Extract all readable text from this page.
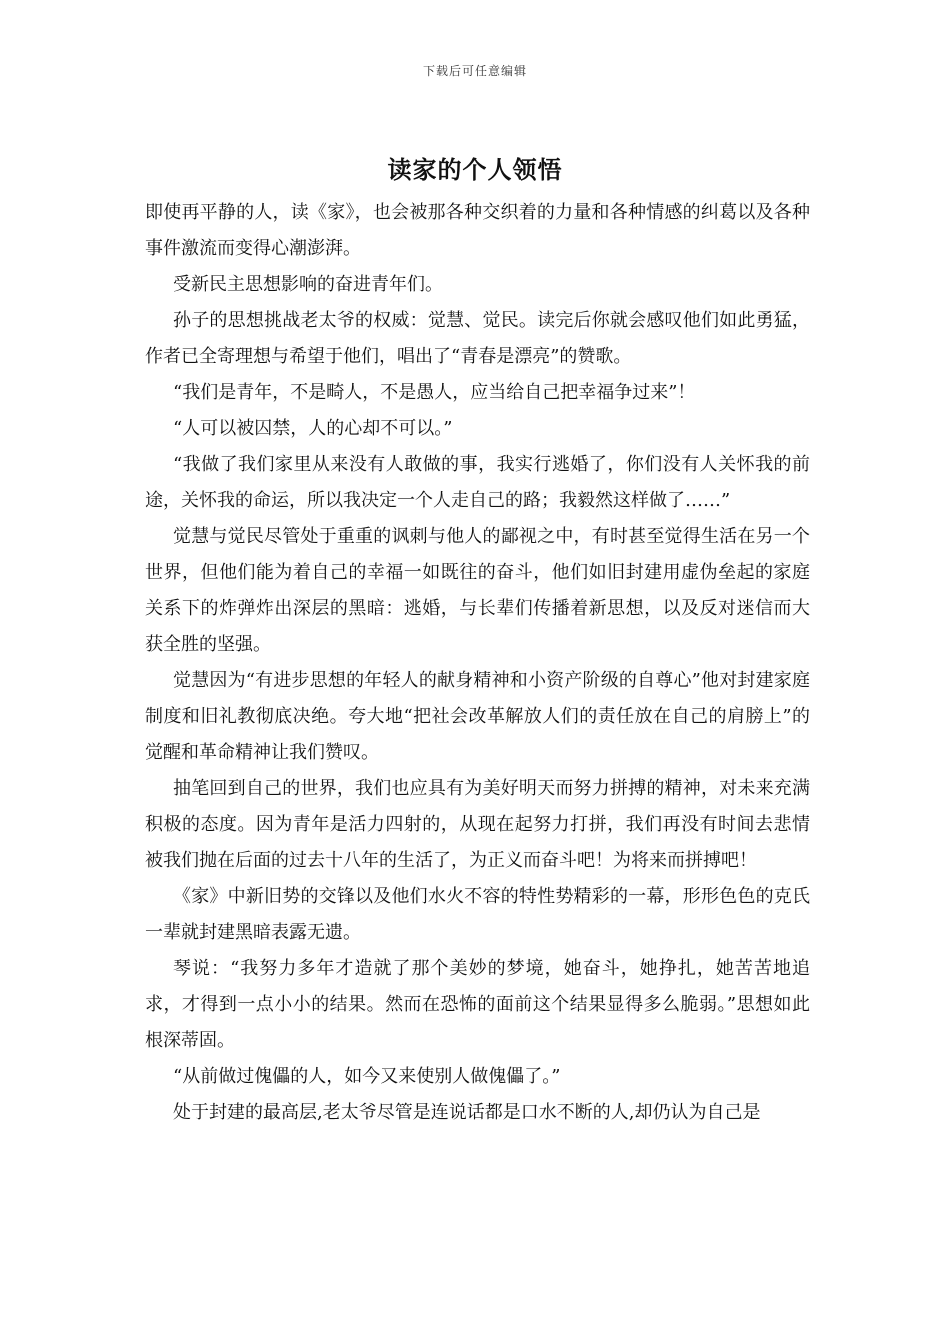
下载后可任意编辑
读家的个人领悟

即使再平静的人，读《家》，也会被那各种交织着的力量和各种情感的纠葛以及各种事件激流而变得心潮澎湃。

受新民主思想影响的奋进青年们。

孙子的思想挑战老太爷的权威：觉慧、觉民。读完后你就会感叹他们如此勇猛，作者已全寄理想与希望于他们，唱出了“青春是漂亮”的赞歌。

“我们是青年，不是畸人，不是愚人，应当给自己把幸福争过来”！

“人可以被囚禁，人的心却不可以。”

“我做了我们家里从来没有人敢做的事，我实行逃婚了，你们没有人关怀我的前途，关怀我的命运，所以我决定一个人走自己的路；我毅然这样做了……”

觉慧与觉民尽管处于重重的讽刺与他人的鄙视之中，有时甚至觉得生活在另一个世界，但他们能为着自己的幸福一如既往的奋斗，他们如旧封建用虚伪垒起的家庭关系下的炸弹炸出深层的黑暗：逃婚，与长辈们传播着新思想，以及反对迷信而大获全胜的坚强。

觉慧因为“有进步思想的年轻人的献身精神和小资产阶级的自尊心”他对封建家庭制度和旧礼教彻底决绝。夸大地“把社会改革解放人们的责任放在自己的肩膀上”的觉醒和革命精神让我们赞叹。

抽笔回到自己的世界，我们也应具有为美好明天而努力拼搏的精神，对未来充满积极的态度。因为青年是活力四射的，从现在起努力打拼，我们再没有时间去悲情被我们抛在后面的过去十八年的生活了，为正义而奋斗吧！为将来而拼搏吧！

《家》中新旧势的交锋以及他们水火不容的特性势精彩的一幕，形形色色的克氏一辈就封建黑暗表露无遗。

琴说：“我努力多年才造就了那个美妙的梦境，她奋斗，她挣扎，她苦苦地追求，才得到一点小小的结果。然而在恐怖的面前这个结果显得多么脆弱。”思想如此根深蒂固。

“从前做过傀儡的人，如今又来使别人做傀儡了。”

处于封建的最高层,老太爷尽管是连说话都是口水不断的人,却仍认为自己是
